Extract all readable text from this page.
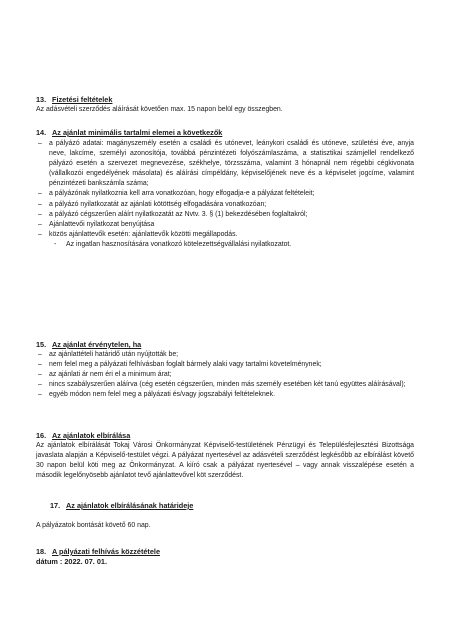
13. Fizetési feltételek
Az adásvételi szerződés aláírását követően max. 15 napon belül egy összegben.
14. Az ajánlat minimális tartalmi elemei a következők
– a pályázó adatai: magányszemély esetén a családi és utónevet, leánykori családi és utóneve, születési éve, anyja neve, lakcíme, személyi azonosítója, továbbá pénzintézeti folyószámlaszáma, a statisztikai számjellel rendelkező pályázó esetén a szervezet megnevezése, székhelye, törzsszáma, valamint 3 hónapnál nem régebbi cégkivonata (vállalkozói engedélyének másolata) és aláírási címpéldány, képviselőjének neve és a képviselet jogcíme, valamint pénzintézeti bankszámla száma;
– a pályázónak nyilatkoznia kell arra vonatkozóan, hogy elfogadja-e a pályázat feltételeit;
– a pályázó nyilatkozatát az ajánlati kötöttség elfogadására vonatkozóan;
– a pályázó cégszerűen aláírt nyilatkozatát az Nvtv. 3. § (1) bekezdésében foglaltakról;
– Ajánlattevői nyilatkozat benyújtása
– közös ajánlattevők esetén: ajánlattevők közötti megállapodás.
- Az ingatlan hasznosítására vonatkozó kötelezettségvállalási nyilatkozatot.
15. Az ajánlat érvénytelen, ha
– az ajánlattételi határidő után nyújtották be;
– nem felel meg a pályázati felhívásban foglalt bármely alaki vagy tartalmi követelménynek;
– az ajánlati ár nem éri el a minimum árat;
– nincs szabályszerűen aláírva (cég esetén cégszerűen, minden más személy esetében két tanú együttes aláírásával);
– egyéb módon nem felel meg a pályázati és/vagy jogszabályi feltételeknek.
16. Az ajánlatok elbírálása
Az ajánlatok elbírálását Tokaj Városi Önkormányzat Képviselő-testületének Pénzügyi és Településfejlesztési Bizottsága javaslata alapján a Képviselő-testület végzi. A pályázat nyertesével az adásvételi szerződést legkésőbb az elbírálást követő 30 napon belül köti meg az Önkormányzat. A kiíró csak a pályázat nyertesével – vagy annak visszalépése esetén a második legelőnyösebb ajánlatot tevő ajánlattevővel köt szerződést.
17. Az ajánlatok elbírálásának határideje
A pályázatok bontását követő 60 nap.
18. A pályázati felhívás közzététele
dátum : 2022. 07. 01.
